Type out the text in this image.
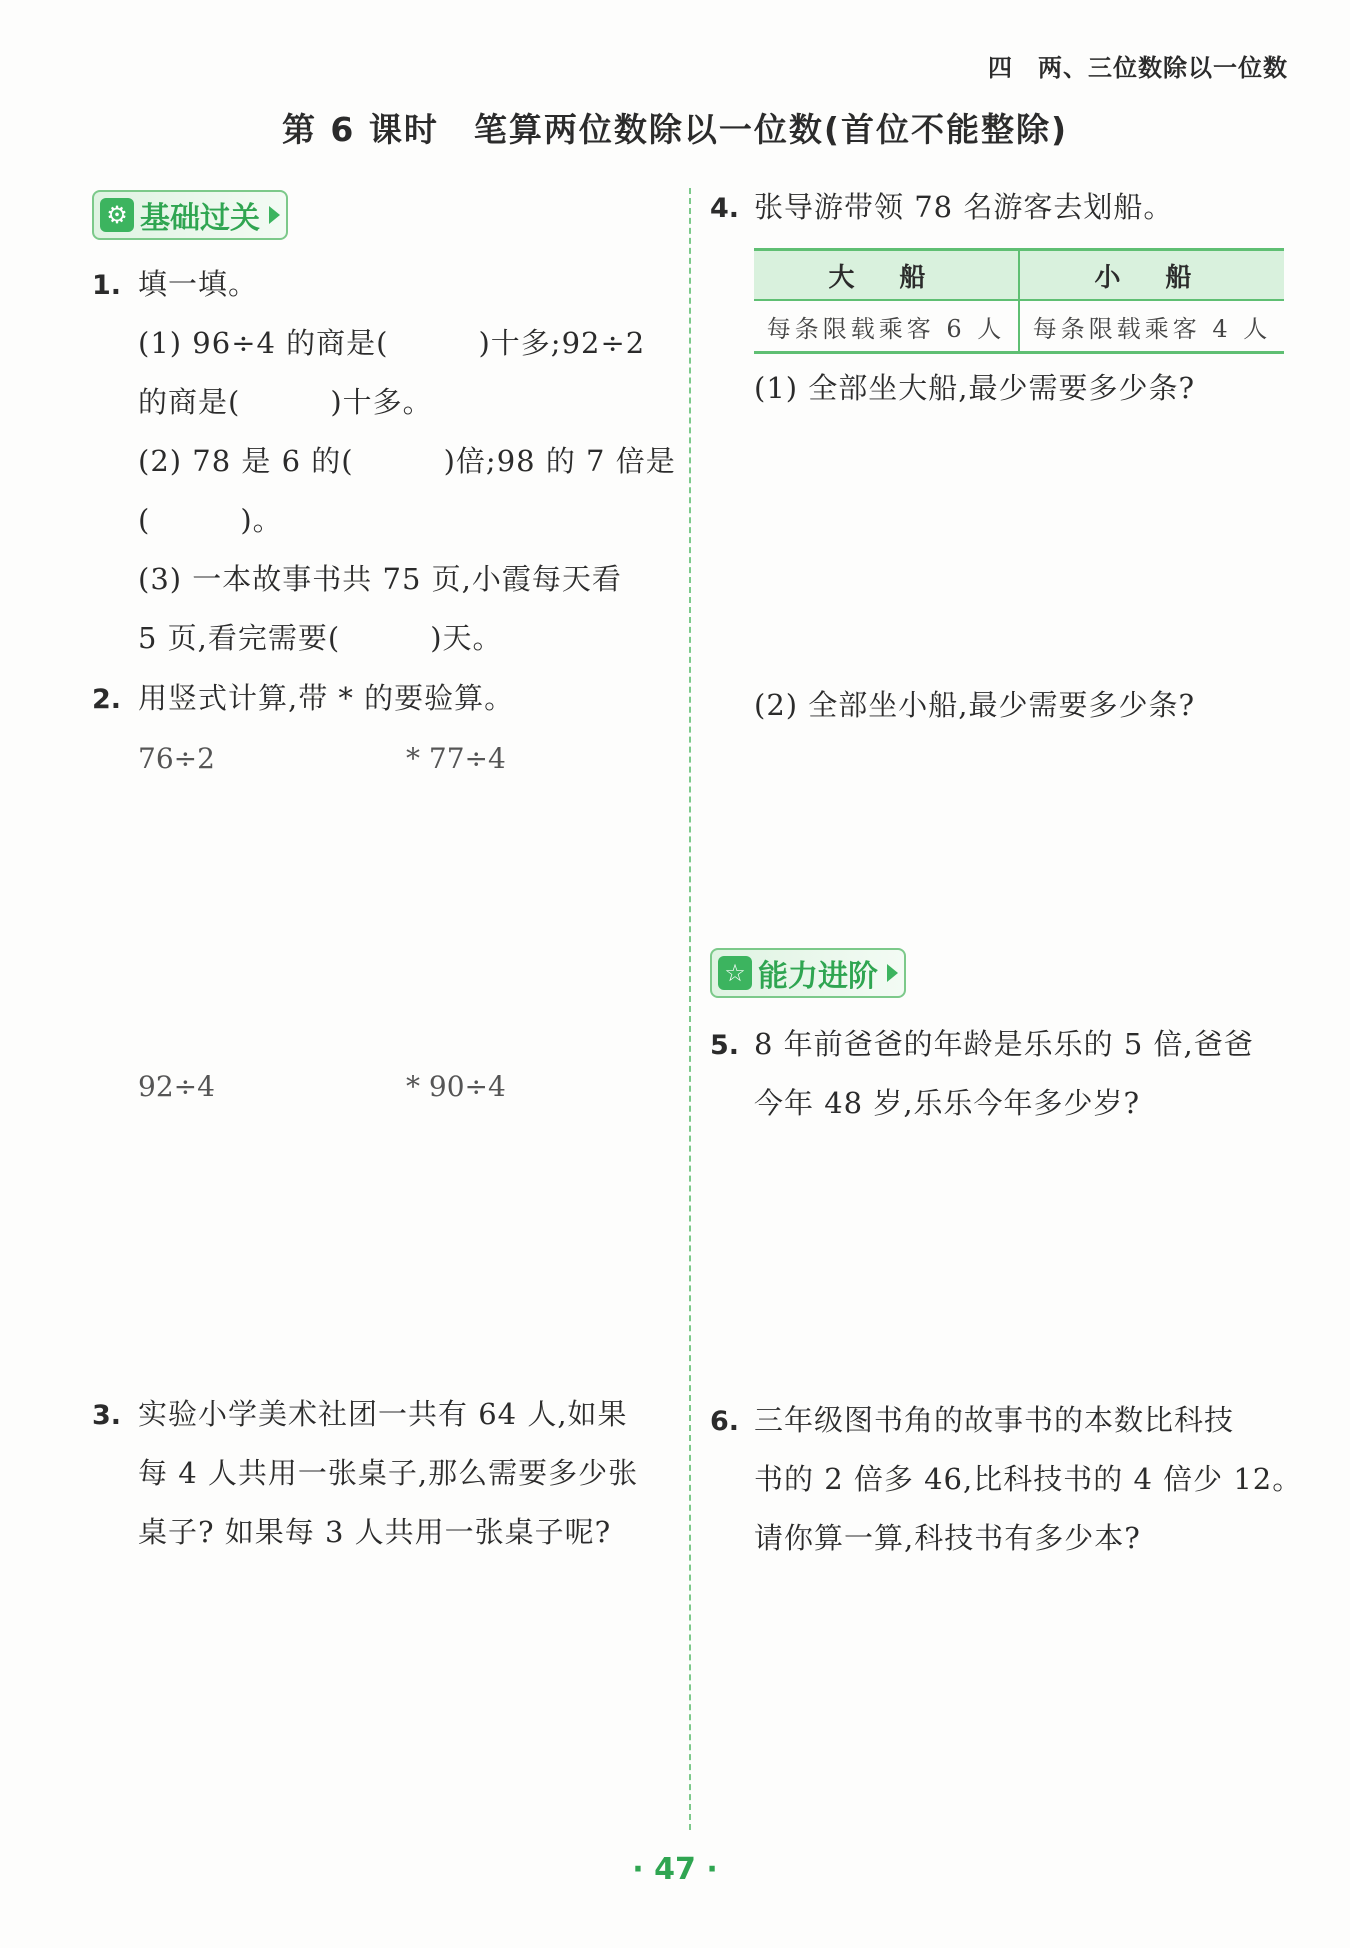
四　两、三位数除以一位数
第 6 课时　笔算两位数除以一位数(首位不能整除)
⚙ 基础过关
1. 填一填。
(1) 96÷4 的商是(　　　)十多;92÷2
的商是(　　　)十多。
(2) 78 是 6 的(　　　)倍;98 的 7 倍是
(　　　)。
(3) 一本故事书共 75 页,小霞每天看
5 页,看完需要(　　　)天。
2. 用竖式计算,带 * 的要验算。
76÷2	* 77÷4
92÷4	* 90÷4
3. 实验小学美术社团一共有 64 人,如果
每 4 人共用一张桌子,那么需要多少张
桌子? 如果每 3 人共用一张桌子呢?
4. 张导游带领 78 名游客去划船。
大 船	小 船
每条限载乘客 6 人	每条限载乘客 4 人
(1) 全部坐大船,最少需要多少条?
(2) 全部坐小船,最少需要多少条?
☆ 能力进阶
5. 8 年前爸爸的年龄是乐乐的 5 倍,爸爸
今年 48 岁,乐乐今年多少岁?
6. 三年级图书角的故事书的本数比科技
书的 2 倍多 46,比科技书的 4 倍少 12。
请你算一算,科技书有多少本?
· 47 ·
